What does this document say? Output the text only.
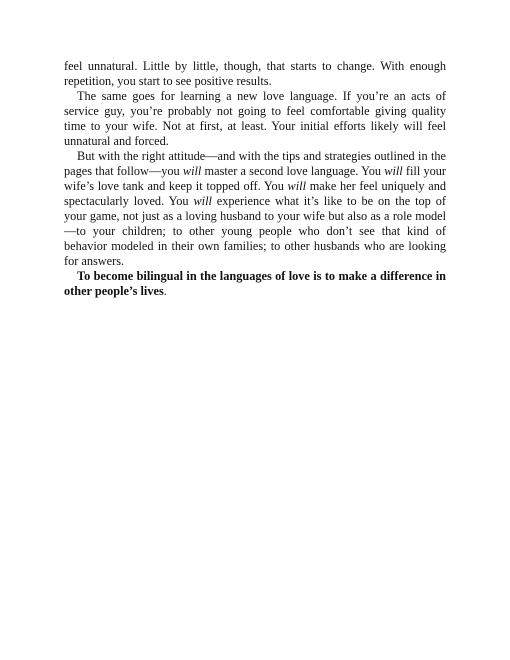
feel unnatural. Little by little, though, that starts to change. With enough repetition, you start to see positive results.

The same goes for learning a new love language. If you’re an acts of service guy, you’re probably not going to feel comfortable giving quality time to your wife. Not at first, at least. Your initial efforts likely will feel unnatural and forced.

But with the right attitude—and with the tips and strategies outlined in the pages that follow—you will master a second love language. You will fill your wife’s love tank and keep it topped off. You will make her feel uniquely and spectacularly loved. You will experience what it’s like to be on the top of your game, not just as a loving husband to your wife but also as a role model—to your children; to other young people who don’t see that kind of behavior modeled in their own families; to other husbands who are looking for answers.

To become bilingual in the languages of love is to make a difference in other people’s lives.
